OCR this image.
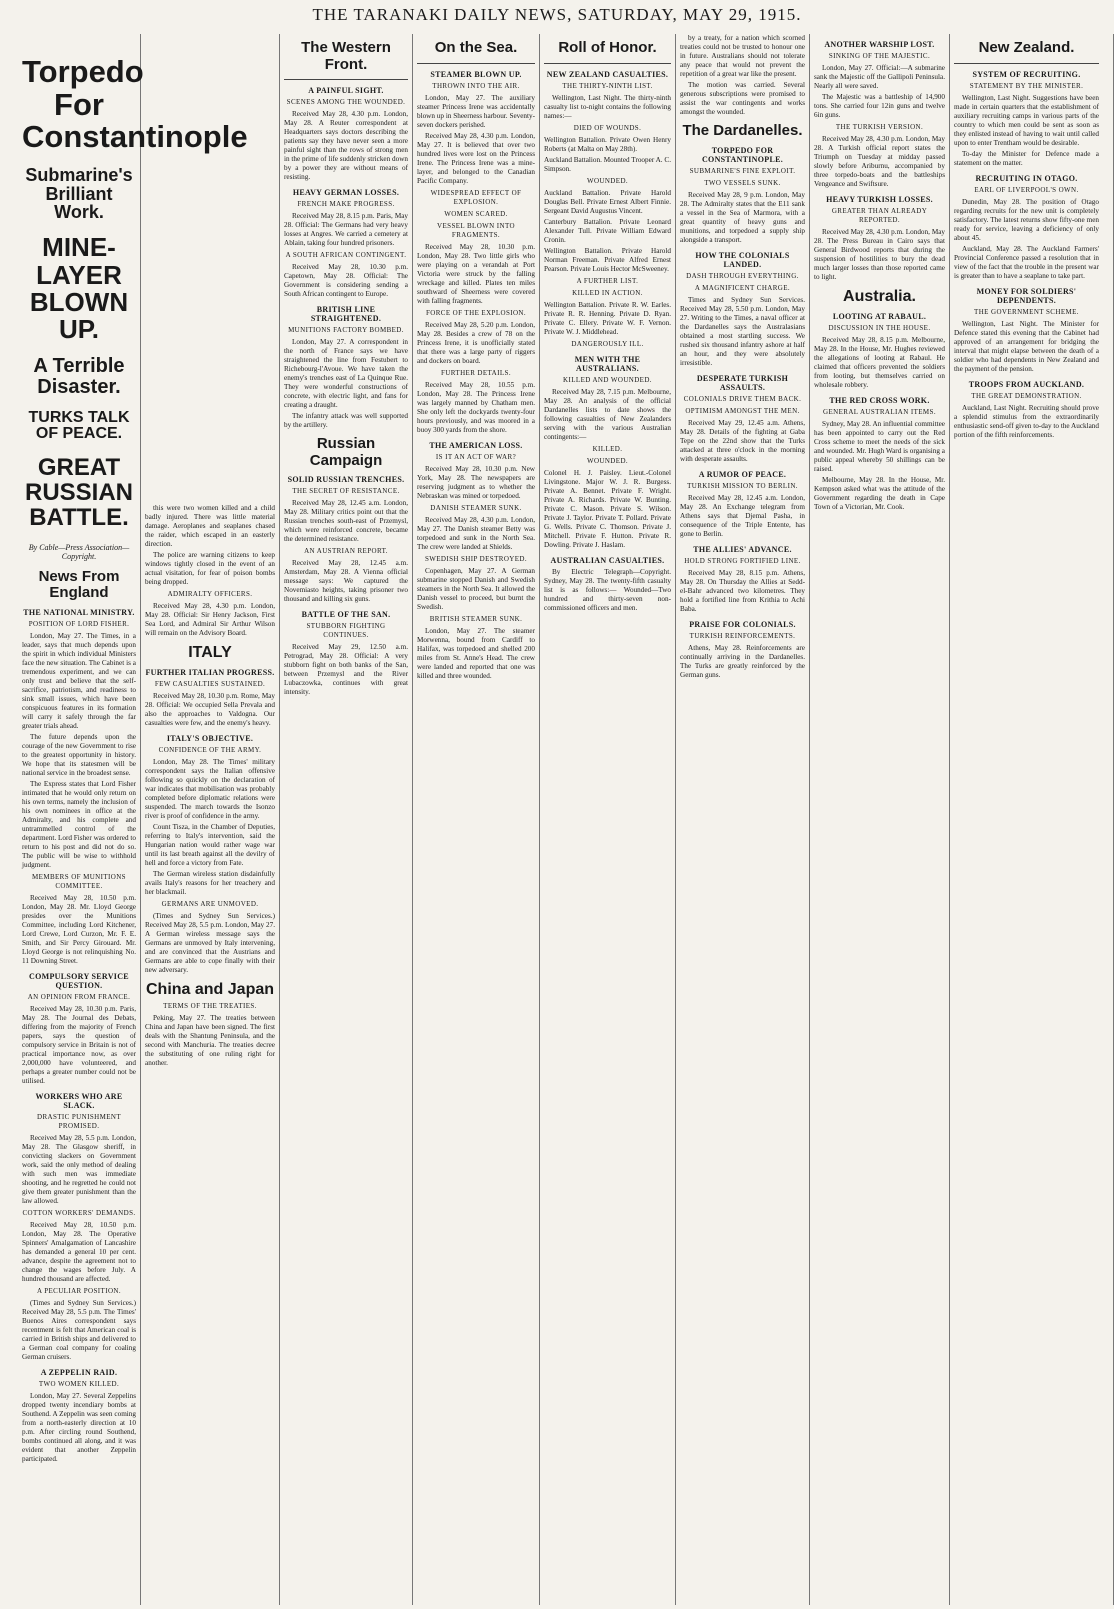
THE TARANAKI DAILY NEWS, SATURDAY, MAY 29, 1915.
Torpedo For Constantinople
Submarine's Brilliant Work.
MINE-LAYER BLOWN UP.
A Terrible Disaster.
TURKS TALK OF PEACE.
GREAT RUSSIAN BATTLE.
By Cable—Press Association—Copyright.
News From England
THE NATIONAL MINISTRY.
POSITION OF LORD FISHER.

London, May 27. The Times, in a leader, says that much depends upon the spirit in which individual Ministers face the new situation. The Cabinet is a tremendous experiment, and we can only trust and believe that the self-sacrifice, patriotism, and readiness to sink small issues, which have been conspicuous features in its formation will carry it safely through the far greater trials ahead.

The future depends upon the courage of the new Government to rise to the greatest opportunity in history. We hope that its statesmen will be national service in the broadest sense.

The Express states that Lord Fisher intimated that he would only return on his own terms, namely the inclusion of his own nominees in office at the Admiralty, and his complete and untrammelled control of the department. Lord Fisher was ordered to return to his post and did not do so. The public will be wise to withhold judgment.

MEMBERS OF MUNITIONS COMMITTEE.

Received May 28, 10.50 p.m. London, May 28. Mr. Lloyd George presides over the Munitions Committee, including Lord Kitchener, Lord Crewe, Lord Curzon, Mr. F. E. Smith, and Sir Percy Girouard. Mr. Lloyd George is not relinquishing No. 11 Downing Street.

COMPULSORY SERVICE QUESTION.
AN OPINION FROM FRANCE.

Received May 28, 10.30 p.m. Paris, May 28. The Journal des Debats, differing from the majority of French papers, says the question of compulsory service in Britain is not of practical importance now, as over 2,000,000 have volunteered, and perhaps a greater number could not be utilised.

WORKERS WHO ARE SLACK.
DRASTIC PUNISHMENT PROMISED.

Received May 28, 5.5 p.m. London, May 28. The Glasgow sheriff, in convicting slackers on Government work, said the only method of dealing with such men was immediate shooting, and he regretted he could not give them greater punishment than the law allowed.

COTTON WORKERS' DEMANDS.

Received May 28, 10.50 p.m. London, May 28. The Operative Spinners' Amalgamation of Lancashire has demanded a general 10 per cent. advance, despite the agreement not to change the wages before July. A hundred thousand are affected.

A PECULIAR POSITION.

(Times and Sydney Sun Services.) Received May 28, 5.5 p.m. The Times' Buenos Aires correspondent says recentment is felt that American coal is carried in British ships and delivered to a German coal company for coaling German cruisers.

A ZEPPELIN RAID.
TWO WOMEN KILLED.

London, May 27. Several Zeppelins dropped twenty incendiary bombs at Southend. A Zeppelin was seen coming from a north-easterly direction at 10 p.m. After circling round Southend, bombs continued all along, and it was evident that another Zeppelin participated.

this were two women killed and a child badly injured. There was little material damage. Aeroplanes and seaplanes chased the raider, which escaped in an easterly direction.

The police are warning citizens to keep windows tightly closed in the event of an actual visitation, for fear of poison bombs being dropped.

ADMIRALTY OFFICERS.

Received May 28, 4.30 p.m. London, May 28. Official: Sir Henry Jackson, First Sea Lord, and Admiral Sir Arthur Wilson will remain on the Advisory Board.

ITALY
FURTHER ITALIAN PROGRESS.
FEW CASUALTIES SUSTAINED.

Received May 28, 10.30 p.m. Rome, May 28. Official: We occupied Sella Prevala and also the approaches to Valdogna. Our casualties were few, and the enemy's heavy.

ITALY'S OBJECTIVE.
CONFIDENCE OF THE ARMY.

London, May 28. The Times' military correspondent says the Italian offensive following so quickly on the declaration of war indicates that mobilisation was probably completed before diplomatic relations were suspended. The march towards the Isonzo river is proof of confidence in the army.

Count Tisza, in the Chamber of Deputies, referring to Italy's intervention, said the Hungarian nation would rather wage war until its last breath against all the devilry of hell and force a victory from Fate.

The German wireless station disdainfully avails Italy's reasons for her treachery and her blackmail.

GERMANS ARE UNMOVED.

(Times and Sydney Sun Services.) Received May 28, 5.5 p.m. London, May 27. A German wireless message says the Germans are unmoved by Italy intervening, and are convinced that the Austrians and Germans are able to cope finally with their new adversary.

China and Japan
TERMS OF THE TREATIES.

Peking, May 27. The treaties between China and Japan have been signed. The first deals with the Shantung Peninsula, and the second with Manchuria. The treaties decree the substituting of one ruling right for another.

The Western Front.
A PAINFUL SIGHT.
SCENES AMONG THE WOUNDED.

Received May 28, 4.30 p.m. London, May 28. A Reuter correspondent at Headquarters says doctors describing the patients say they have never seen a more painful sight than the rows of strong men in the prime of life suddenly stricken down by a power they are without means of resisting.

HEAVY GERMAN LOSSES.
FRENCH MAKE PROGRESS.

Received May 28, 8.15 p.m. Paris, May 28. Official: The Germans had very heavy losses at Angres. We carried a cemetery at Ablain, taking four hundred prisoners.

A SOUTH AFRICAN CONTINGENT.

Received May 28, 10.30 p.m. Capetown, May 28. Official: The Government is considering sending a South African contingent to Europe.

BRITISH LINE STRAIGHTENED.
MUNITIONS FACTORY BOMBED.

London, May 27. A correspondent in the north of France says we have straightened the line from Festubert to Richebourg-l'Avoue. We have taken the enemy's trenches east of La Quinque Rue. They were wonderful constructions of concrete, with electric light, and fans for creating a draught.

The infantry attack was well supported by the artillery.

Russian Campaign
SOLID RUSSIAN TRENCHES.
THE SECRET OF RESISTANCE.

Received May 28, 12.45 a.m. London, May 28. Military critics point out that the Russian trenches south-east of Przemysl, which were reinforced concrete, became the determined resistance.

AN AUSTRIAN REPORT.

Received May 28, 12.45 a.m. Amsterdam, May 28. A Vienna official message says: We captured the Novemiasto heights, taking prisoner two thousand and killing six guns.

BATTLE OF THE SAN.
STUBBORN FIGHTING CONTINUES.

Received May 29, 12.50 a.m. Petrograd, May 28. Official: A very stubborn fight on both banks of the San, between Przemysl and the River Lubaczowka, continues with great intensity.

On the Sea.
STEAMER BLOWN UP.
THROWN INTO THE AIR.

London, May 27. The auxiliary steamer Princess Irene was accidentally blown up in Sheerness harbour. Seventy-seven dockers perished.

Received May 28, 4.30 p.m. London, May 27. It is believed that over two hundred lives were lost on the Princess Irene. The Princess Irene was a mine-layer, and belonged to the Canadian Pacific Company.

WIDESPREAD EFFECT OF EXPLOSION.
WOMEN SCARED.
VESSEL BLOWN INTO FRAGMENTS.

Received May 28, 10.30 p.m. London, May 28. Two little girls who were playing on a verandah at Port Victoria were struck by the falling wreckage and killed. Plates ten miles southward of Sheerness were covered with falling fragments.

FORCE OF THE EXPLOSION.

Received May 28, 5.20 p.m. London, May 28. Besides a crew of 78 on the Princess Irene, it is unofficially stated that there was a large party of riggers and dockers on board.

FURTHER DETAILS.

Received May 28, 10.55 p.m. London, May 28. The Princess Irene was largely manned by Chatham men. She only left the dockyards twenty-four hours previously, and was moored in a buoy 300 yards from the shore.

THE AMERICAN LOSS.
IS IT AN ACT OF WAR?

Received May 28, 10.30 p.m. New York, May 28. The newspapers are reserving judgment as to whether the Nebraskan was mined or torpedoed.

DANISH STEAMER SUNK.

Received May 28, 4.30 p.m. London, May 27. The Danish steamer Betty was torpedoed and sunk in the North Sea. The crew were landed at Shields.

SWEDISH SHIP DESTROYED.

Copenhagen, May 27. A German submarine stopped Danish and Swedish steamers in the North Sea. It allowed the Danish vessel to proceed, but burnt the Swedish.

BRITISH STEAMER SUNK.

London, May 27. The steamer Morwenna, bound from Cardiff to Halifax, was torpedoed and shelled 200 miles from St. Anne's Head. The crew were landed and reported that one was killed and three wounded.

Roll of Honor.
NEW ZEALAND CASUALTIES.
THE THIRTY-NINTH LIST.

Wellington, Last Night. The thirty-ninth casualty list to-night contains the following names:—

DIED OF WOUNDS.

Wellington Battalion. Private Owen Henry Roberts (at Malta on May 28th).

Auckland Battalion. Mounted Trooper A. C. Simpson.

WOUNDED.

Auckland Battalion. Private Harold Douglas Bell. Private Ernest Albert Finnie. Sergeant David Augustus Vincent.

Canterbury Battalion. Private Leonard Alexander Tull. Private William Edward Cronin.

Wellington Battalion. Private Harold Norman Freeman. Private Alfred Ernest Pearson. Private Louis Hector McSweeney.

A FURTHER LIST.
KILLED IN ACTION.

Wellington Battalion. Private R. W. Earles. Private R. R. Henning. Private D. Ryan. Private C. Ellery. Private W. F. Vernon. Private W. J. Middlehead.

DANGEROUSLY ILL.
MEN WITH THE AUSTRALIANS.
KILLED AND WOUNDED.

Received May 28, 7.15 p.m. Melbourne, May 28. An analysis of the official Dardanelles lists to date shows the following casualties of New Zealanders serving with the various Australian contingents:—

KILLED.
WOUNDED.

Colonel H. J. Paisley. Lieut.-Colonel Livingstone. Major W. J. R. Burgess. Private A. Bennet. Private F. Wright. Private A. Richards. Private W. Bunting. Private C. Mason. Private S. Wilson. Private J. Taylor. Private T. Pollard. Private G. Wells. Private C. Thomson. Private J. Mitchell. Private F. Hutton. Private R. Dowling. Private J. Haslam.

AUSTRALIAN CASUALTIES.

By Electric Telegraph—Copyright. Sydney, May 28. The twenty-fifth casualty list is as follows:— Wounded—Two hundred and thirty-seven non-commissioned officers and men.

by a treaty, for a nation which scorned treaties could not be trusted to honour one in future. Australians should not tolerate any peace that would not prevent the repetition of a great war like the present.

The motion was carried. Several generous subscriptions were promised to assist the war contingents and works amongst the wounded.

The Dardanelles.
TORPEDO FOR CONSTANTINOPLE.
SUBMARINE'S FINE EXPLOIT.
TWO VESSELS SUNK.

Received May 28, 9 p.m. London, May 28. The Admiralty states that the E11 sank a vessel in the Sea of Marmora, with a great quantity of heavy guns and munitions, and torpedoed a supply ship alongside a transport.

HOW THE COLONIALS LANDED.
DASH THROUGH EVERYTHING.
A MAGNIFICENT CHARGE.

Times and Sydney Sun Services. Received May 28, 5.50 p.m. London, May 27. Writing to the Times, a naval officer at the Dardanelles says the Australasians obtained a most startling success. We rushed six thousand infantry ashore at half an hour, and they were absolutely irresistible.

DESPERATE TURKISH ASSAULTS.
COLONIALS DRIVE THEM BACK.
OPTIMISM AMONGST THE MEN.

Received May 29, 12.45 a.m. Athens, May 28. Details of the fighting at Gaba Tepe on the 22nd show that the Turks attacked at three o'clock in the morning with desperate assaults.

A RUMOR OF PEACE.
TURKISH MISSION TO BERLIN.

Received May 28, 12.45 a.m. London, May 28. An Exchange telegram from Athens says that Djemal Pasha, in consequence of the Triple Entente, has gone to Berlin.

THE ALLIES' ADVANCE.
HOLD STRONG FORTIFIED LINE.

Received May 28, 8.15 p.m. Athens, May 28. On Thursday the Allies at Sedd-el-Bahr advanced two kilometres. They hold a fortified line from Krithia to Achi Baba.

PRAISE FOR COLONIALS.
TURKISH REINFORCEMENTS.

Athens, May 28. Reinforcements are continually arriving in the Dardanelles. The Turks are greatly reinforced by the German guns.

ANOTHER WARSHIP LOST.
SINKING OF THE MAJESTIC.

London, May 27. Official:—A submarine sank the Majestic off the Gallipoli Peninsula. Nearly all were saved.

The Majestic was a battleship of 14,900 tons. She carried four 12in guns and twelve 6in guns.

THE TURKISH VERSION.

Received May 28, 4.30 p.m. London, May 28. A Turkish official report states the Triumph on Tuesday at midday passed slowly before Ariburnu, accompanied by three torpedo-boats and the battleships Vengeance and Swiftsure.

HEAVY TURKISH LOSSES.
GREATER THAN ALREADY REPORTED.

Received May 28, 4.30 p.m. London, May 28. The Press Bureau in Cairo says that General Birdwood reports that during the suspension of hostilities to bury the dead much larger losses than those reported came to light.

Australia.
LOOTING AT RABAUL.
DISCUSSION IN THE HOUSE.

Received May 28, 8.15 p.m. Melbourne, May 28. In the House, Mr. Hughes reviewed the allegations of looting at Rabaul. He claimed that officers prevented the soldiers from looting, but themselves carried on wholesale robbery.

THE RED CROSS WORK.
GENERAL AUSTRALIAN ITEMS.

Sydney, May 28. An influential committee has been appointed to carry out the Red Cross scheme to meet the needs of the sick and wounded. Mr. Hugh Ward is organising a public appeal whereby 50 shillings can be raised.

Melbourne, May 28. In the House, Mr. Kempson asked what was the attitude of the Government regarding the death in Cape Town of a Victorian, Mr. Cook.

New Zealand.
SYSTEM OF RECRUITING.
STATEMENT BY THE MINISTER.

Wellington, Last Night. Suggestions have been made in certain quarters that the establishment of auxiliary recruiting camps in various parts of the country to which men could be sent as soon as they enlisted instead of having to wait until called upon to enter Trentham would be desirable.

To-day the Minister for Defence made a statement on the matter.

RECRUITING IN OTAGO.
EARL OF LIVERPOOL'S OWN.

Dunedin, May 28. The position of Otago regarding recruits for the new unit is completely satisfactory. The latest returns show fifty-one men ready for service, leaving a deficiency of only about 45.

Auckland, May 28. The Auckland Farmers' Provincial Conference passed a resolution that in view of the fact that the trouble in the present war is greater than to have a seaplane to take part.

MONEY FOR SOLDIERS' DEPENDENTS.
THE GOVERNMENT SCHEME.

Wellington, Last Night. The Minister for Defence stated this evening that the Cabinet had approved of an arrangement for bridging the interval that might elapse between the death of a soldier who had dependents in New Zealand and the payment of the pension.

TROOPS FROM AUCKLAND.
THE GREAT DEMONSTRATION.

Auckland, Last Night. Recruiting should prove a splendid stimulus from the extraordinarily enthusiastic send-off given to-day to the Auckland portion of the fifth reinforcements.
